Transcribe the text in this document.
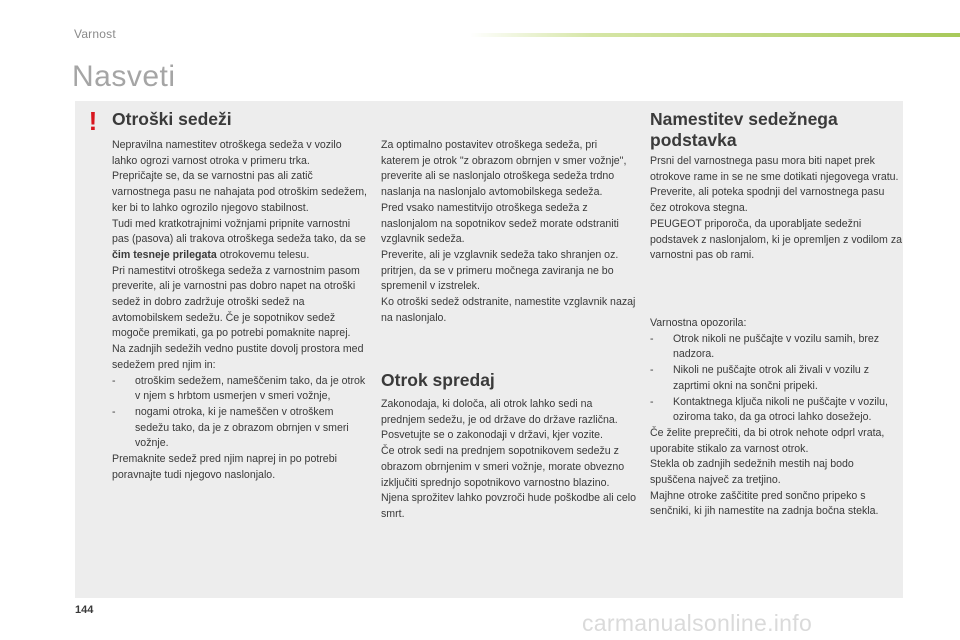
Varnost
Nasveti
! Otroški sedeži

Nepravilna namestitev otroškega sedeža v vozilo lahko ogrozi varnost otroka v primeru trka.

Prepričajte se, da se varnostni pas ali zatič varnostnega pasu ne nahajata pod otroškim sedežem, ker bi to lahko ogrozilo njegovo stabilnost.

Tudi med kratkotrajnimi vožnjami pripnite varnostni pas (pasova) ali trakova otroškega sedeža tako, da se čim tesneje prilegata otrokovemu telesu.

Pri namestitvi otroškega sedeža z varnostnim pasom preverite, ali je varnostni pas dobro napet na otroški sedež in dobro zadržuje otroški sedež na avtomobilskem sedežu. Če je sopotnikov sedež mogoče premikati, ga po potrebi pomaknite naprej.

Na zadnjih sedežih vedno pustite dovolj prostora med sedežem pred njim in:

-	otroškim sedežem, nameščenim tako, da je otrok v njem s hrbtom usmerjen v smeri vožnje,
-	nogami otroka, ki je nameščen v otroškem sedežu tako, da je z obrazom obrnjen v smeri vožnje.

Premaknite sedež pred njim naprej in po potrebi poravnajte tudi njegovo naslonjalo.

Za optimalno postavitev otroškega sedeža, pri katerem je otrok "z obrazom obrnjen v smer vožnje", preverite ali se naslonjalo otroškega sedeža trdno naslanja na naslonjalo avtomobilskega sedeža.

Pred vsako namestitvijo otroškega sedeža z naslonjalom na sopotnikov sedež morate odstraniti vzglavnik sedeža.

Preverite, ali je vzglavnik sedeža tako shranjen oz. pritrjen, da se v primeru močnega zaviranja ne bo spremenil v izstrelek.

Ko otroški sedež odstranite, namestite vzglavnik nazaj na naslonjalo.

Otrok spredaj

Zakonodaja, ki določa, ali otrok lahko sedi na prednjem sedežu, je od države do države različna. Posvetujte se o zakonodaji v državi, kjer vozite.

Če otrok sedi na prednjem sopotnikovem sedežu z obrazom obrnjenim v smeri vožnje, morate obvezno izključiti sprednjo sopotnikovo varnostno blazino. Njena sprožitev lahko povzroči hude poškodbe ali celo smrt.

Namestitev sedežnega podstavka

Prsni del varnostnega pasu mora biti napet prek otrokove rame in se ne sme dotikati njegovega vratu.

Preverite, ali poteka spodnji del varnostnega pasu čez otrokova stegna.

PEUGEOT priporoča, da uporabljate sedežni podstavek z naslonjalom, ki je opremljen z vodilom za varnostni pas ob rami.

Varnostna opozorila:

-	Otrok nikoli ne puščajte v vozilu samih, brez nadzora.
-	Nikoli ne puščajte otrok ali živali v vozilu z zaprtimi okni na sončni pripeki.
-	Kontaktnega ključa nikoli ne puščajte v vozilu, oziroma tako, da ga otroci lahko dosežejo.

Če želite preprečiti, da bi otrok nehote odprl vrata, uporabite stikalo za varnost otrok.

Stekla ob zadnjih sedežnih mestih naj bodo spuščena največ za tretjino.

Majhne otroke zaščitite pred sončno pripeko s senčniki, ki jih namestite na zadnja bočna stekla.

144	carmanualsonline.info
